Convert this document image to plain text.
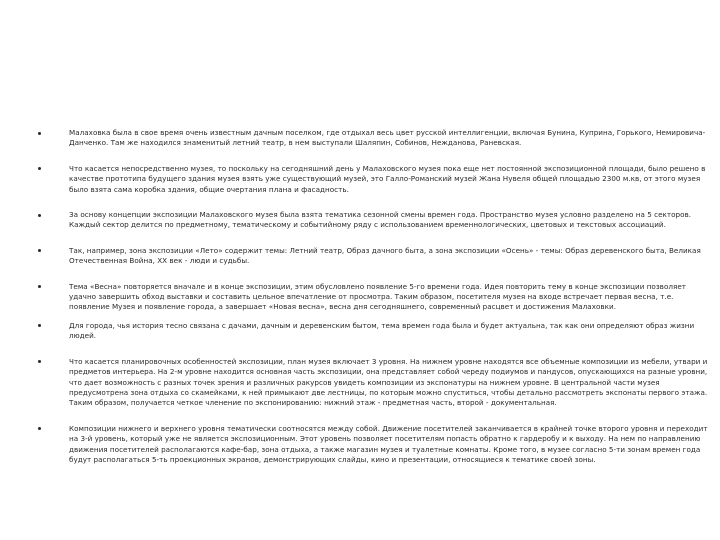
Малаховка была в свое время очень известным дачным поселком, где отдыхал весь цвет русской интеллигенции, включая Бунина, Куприна, Горького, Немировича-Данченко. Там же находился знаменитый летний театр, в нем выступали Шаляпин, Собинов, Нежданова, Раневская.
Что касается непосредственно музея, то поскольку на сегодняшний день у Малаховского музея пока еще нет постоянной экспозиционной площади, было решено в качестве прототипа будущего здания музея взять уже существующий музей, это Галло-Романский музей Жана Нувеля общей площадью 2300 м.кв, от этого музея было взята сама коробка здания, общие очертания плана и фасадность.
За основу концепции экспозиции Малаховского музея была взята тематика сезонной смены времен года. Пространство музея условно разделено на 5 секторов. Каждый сектор делится по предметному, тематическому и событийному ряду с использованием временнологических, цветовых и текстовых ассоциаций.
Так, например, зона экспозиции «Лето» содержит темы: Летний театр, Образ дачного быта, а зона экспозиции «Осень» - темы: Образ деревенского быта, Великая Отечественная Война, XX век - люди и судьбы.
Тема «Весна» повторяется вначале и в конце экспозиции, этим обусловлено появление 5-го времени года. Идея повторить тему в конце экспозиции позволяет удачно завершить обход выставки и составить цельное впечатление от просмотра. Таким образом, посетителя музея на входе встречает первая весна, т.е. появление Музея и появление города, а завершает «Новая весна», весна дня сегодняшнего, современный расцвет и достижения Малаховки.
Для города, чья история тесно связана с дачами, дачным и деревенским бытом, тема времен года была и будет актуальна, так как они определяют образ жизни людей.
Что касается планировочных особенностей экспозиции, план музея включает 3 уровня. На нижнем уровне находятся все объемные композиции из мебели, утвари и предметов интерьера. На 2-м уровне находится основная часть экспозиции, она представляет собой череду подиумов и пандусов, опускающихся на разные уровни, что дает возможность с разных точек зрения и различных ракурсов увидеть композиции из экспонатуры на нижнем уровне. В центральной части музея предусмотрена зона отдыха со скамейками, к ней примыкают две лестницы, по которым можно спуститься, чтобы детально рассмотреть экспонаты первого этажа. Таким образом, получается четкое членение по экспонированию: нижний этаж - предметная часть, второй - документальная.
Композиции нижнего и верхнего уровня тематически соотносятся между собой. Движение посетителей заканчивается в крайней точке второго уровня и переходит на 3-й уровень, который уже не является экспозиционным. Этот уровень позволяет посетителям попасть обратно к гардеробу и к выходу. На нем по направлению движения посетителей располагаются кафе-бар, зона отдыха, а также магазин музея и туалетные комнаты. Кроме того, в музее согласно 5-ти зонам времен года будут располагаться 5-ть проекционных экранов, демонстрирующих слайды, кино и презентации, относящиеся к тематике своей зоны.
